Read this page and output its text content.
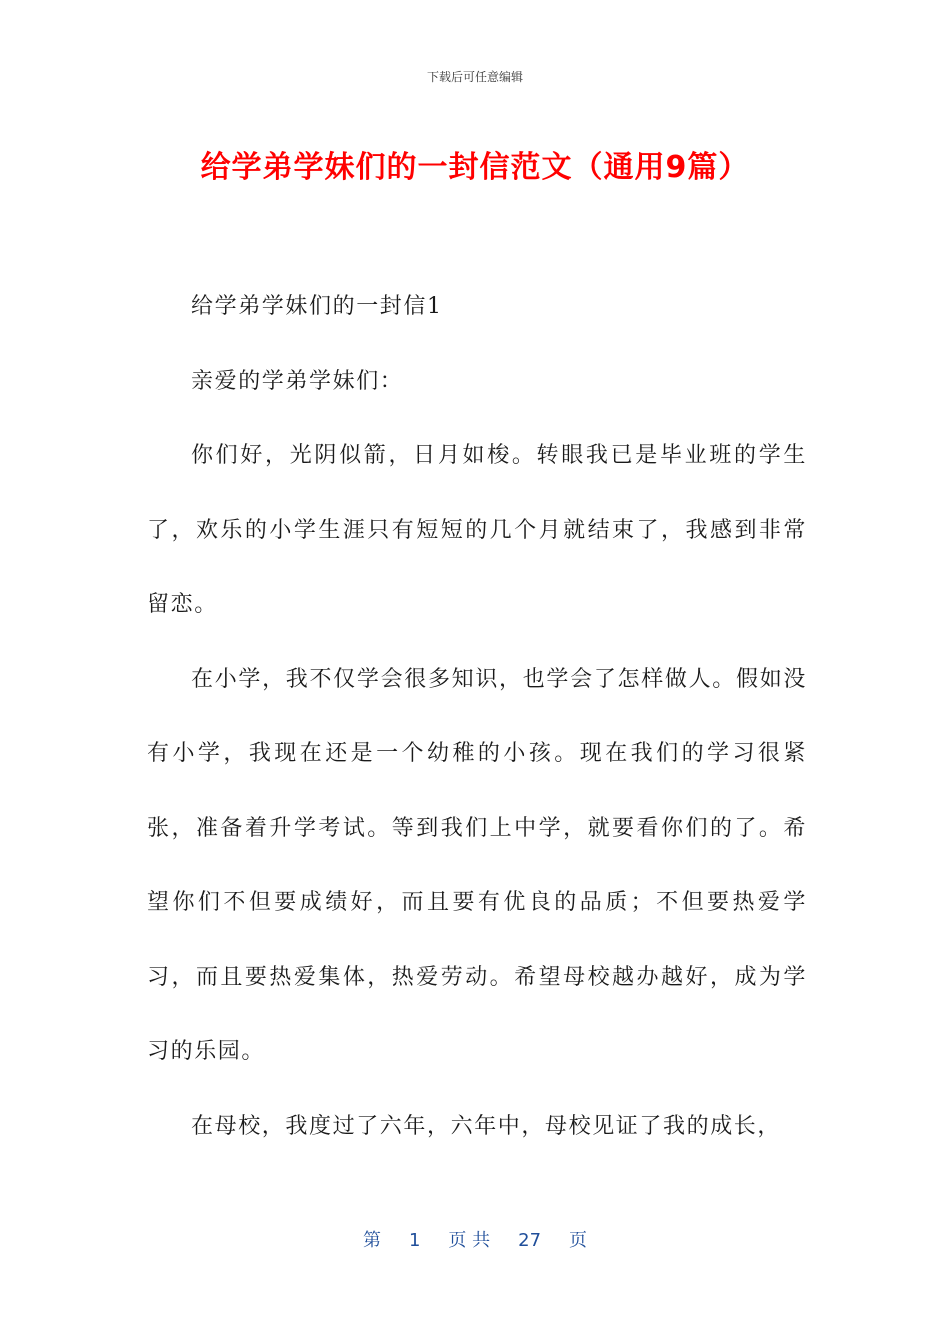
下载后可任意编辑
给学弟学妹们的一封信范文（通用9篇）

给学弟学妹们的一封信1

亲爱的学弟学妹们：

你们好，光阴似箭，日月如梭。转眼我已是毕业班的学生了，欢乐的小学生涯只有短短的几个月就结束了，我感到非常留恋。

在小学，我不仅学会很多知识，也学会了怎样做人。假如没有小学，我现在还是一个幼稚的小孩。现在我们的学习很紧张，准备着升学考试。等到我们上中学，就要看你们的了。希望你们不但要成绩好，而且要有优良的品质；不但要热爱学习，而且要热爱集体，热爱劳动。希望母校越办越好，成为学习的乐园。

在母校，我度过了六年，六年中，母校见证了我的成长，

第 1 页 共 27 页
